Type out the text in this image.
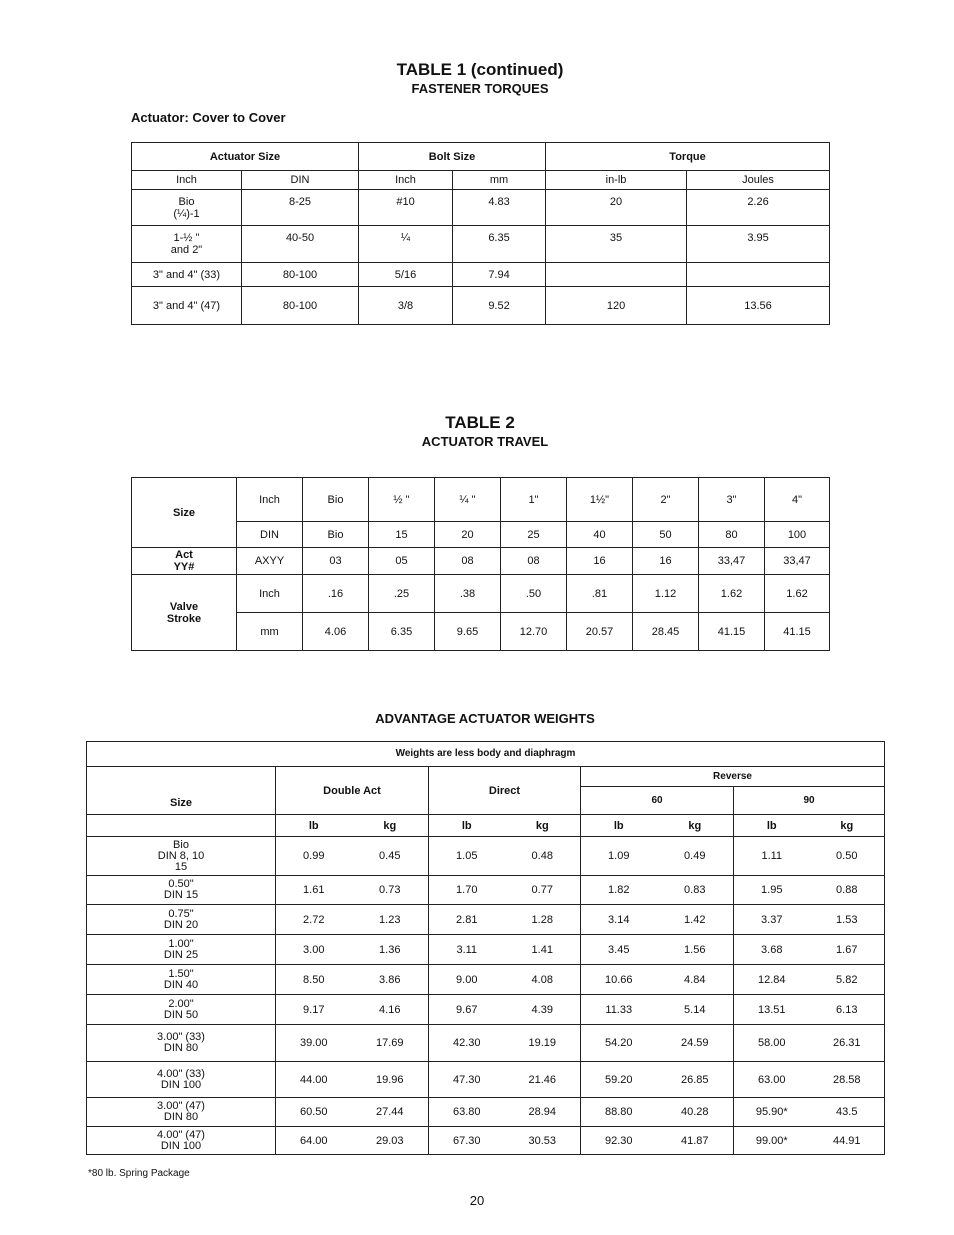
TABLE 1 (continued)
FASTENER TORQUES
Actuator: Cover to Cover
Actuator Size		Bolt Size		Torque	
Inch	DIN	Inch	mm	in-lb	Joules
Bio
(¼)-1	8-25	#10	4.83	20	2.26
1-½ "
and 2"	40-50	¼	6.35	35	3.95
3" and 4" (33)	80-100	5/16	7.94		
3" and 4" (47)	80-100	3/8	9.52	120	13.56
TABLE 2
ACTUATOR TRAVEL
Size	Inch	Bio	½ "	¼ "	1"	1½"	2"	3"	4"
	DIN	Bio	15	20	25	40	50	80	100
Act
YY#	AXYY	03	05	08	08	16	16	33,47	33,47
Valve
Stroke	Inch	.16	.25	.38	.50	.81	1.12	1.62	1.62
	mm	4.06	6.35	9.65	12.70	20.57	28.45	41.15	41.15
ADVANTAGE ACTUATOR WEIGHTS
Weights are less body and diaphragm								
Size	Double Act		Direct		Reverse			
					60		90	
	lb	kg	lb	kg	lb	kg	lb	kg
Bio
DIN 8, 10
15	0.99	0.45	1.05	0.48	1.09	0.49	1.11	0.50
0.50"
DIN 15	1.61	0.73	1.70	0.77	1.82	0.83	1.95	0.88
0.75"
DIN 20	2.72	1.23	2.81	1.28	3.14	1.42	3.37	1.53
1.00"
DIN 25	3.00	1.36	3.11	1.41	3.45	1.56	3.68	1.67
1.50"
DIN 40	8.50	3.86	9.00	4.08	10.66	4.84	12.84	5.82
2.00"
DIN 50	9.17	4.16	9.67	4.39	11.33	5.14	13.51	6.13
3.00" (33)
DIN 80	39.00	17.69	42.30	19.19	54.20	24.59	58.00	26.31
4.00" (33)
DIN 100	44.00	19.96	47.30	21.46	59.20	26.85	63.00	28.58
3.00" (47)
DIN 80	60.50	27.44	63.80	28.94	88.80	40.28	95.90*	43.5
4.00" (47)
DIN 100	64.00	29.03	67.30	30.53	92.30	41.87	99.00*	44.91
*80 lb. Spring Package
20
